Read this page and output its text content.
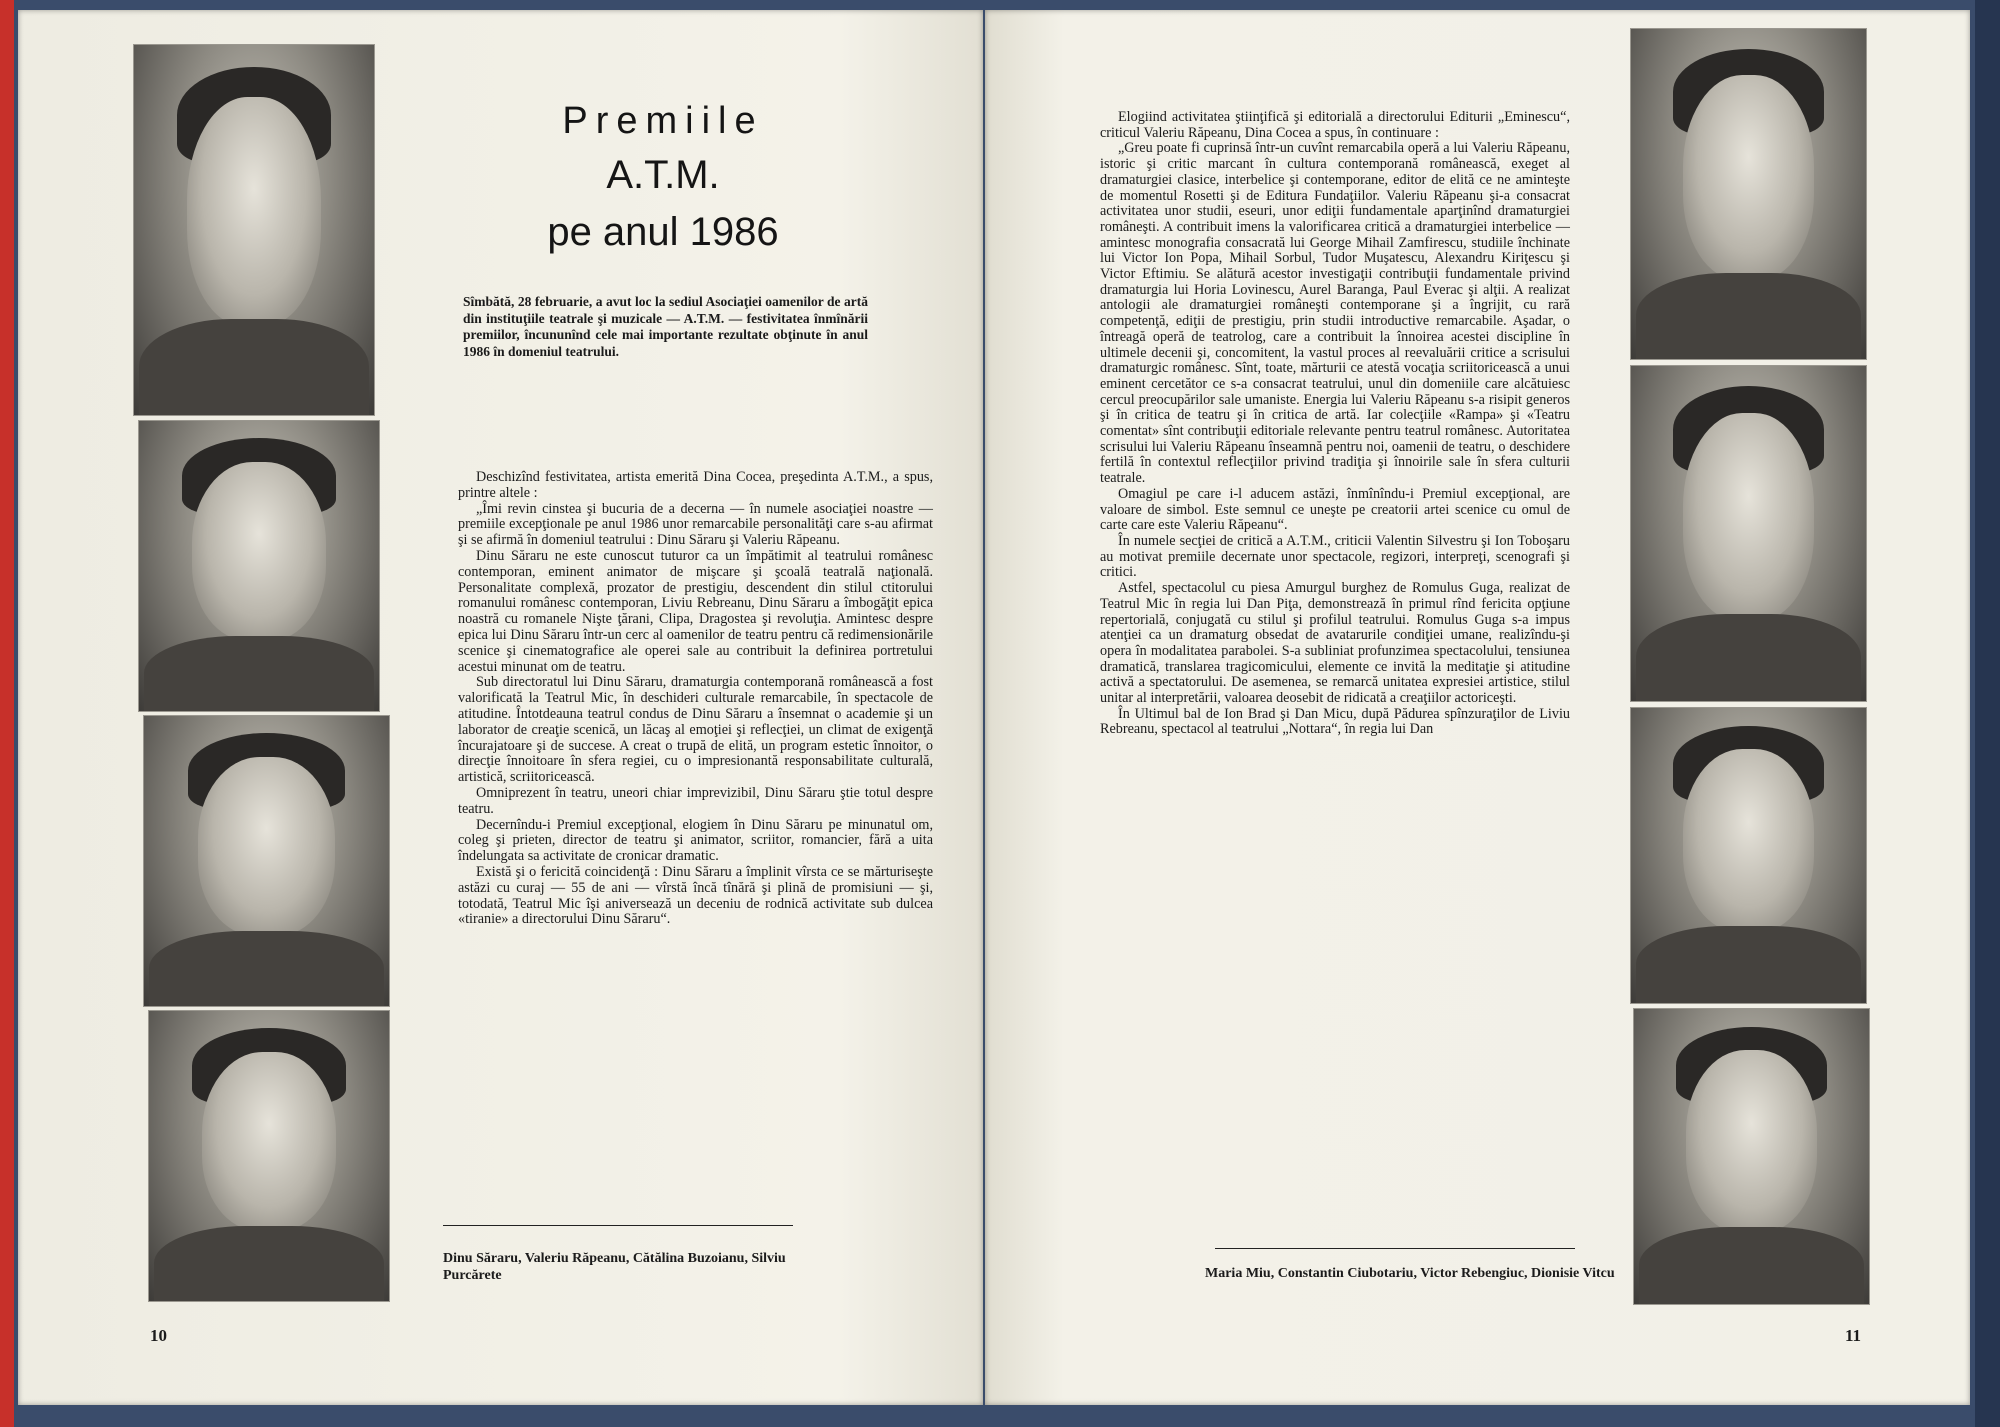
Premiile
A.T.M.
pe anul 1986
Sîmbătă, 28 februarie, a avut loc la sediul Asociaţiei oamenilor de artă din instituţiile teatrale şi muzicale — A.T.M. — festivitatea înmînării premiilor, încununînd cele mai importante rezultate obţinute în anul 1986 în domeniul teatrului.

Deschizînd festivitatea, artista emerită Dina Cocea, preşedinta A.T.M., a spus, printre altele :

„Îmi revin cinstea şi bucuria de a decerna — în numele asociaţiei noastre — premiile excepţionale pe anul 1986 unor remarcabile personalităţi care s-au afirmat şi se afirmă în domeniul teatrului : Dinu Săraru şi Valeriu Răpeanu.

Dinu Săraru ne este cunoscut tuturor ca un împătimit al teatrului românesc contemporan, eminent animator de mişcare şi şcoală teatrală naţională. Personalitate complexă, prozator de prestigiu, descendent din stilul ctitorului romanului românesc contemporan, Liviu Rebreanu, Dinu Săraru a îmbogăţit epica noastră cu romanele Nişte ţărani, Clipa, Dragostea şi revoluţia. Amintesc despre epica lui Dinu Săraru într-un cerc al oamenilor de teatru pentru că redimensionările scenice şi cinematografice ale operei sale au contribuit la definirea portretului acestui minunat om de teatru.

Sub directoratul lui Dinu Săraru, dramaturgia contemporană românească a fost valorificată la Teatrul Mic, în deschideri culturale remarcabile, în spectacole de atitudine. Întotdeauna teatrul condus de Dinu Săraru a însemnat o academie şi un laborator de creaţie scenică, un lăcaş al emoţiei şi reflecţiei, un climat de exigenţă încurajatoare şi de succese. A creat o trupă de elită, un program estetic înnoitor, o direcţie înnoitoare în sfera regiei, cu o impresionantă responsabilitate culturală, artistică, scriitoricească.

Omniprezent în teatru, uneori chiar imprevizibil, Dinu Săraru ştie totul despre teatru.

Decernîndu-i Premiul excepţional, elogiem în Dinu Săraru pe minunatul om, coleg şi prieten, director de teatru şi animator, scriitor, romancier, fără a uita îndelungata sa activitate de cronicar dramatic.

Există şi o fericită coincidenţă : Dinu Săraru a împlinit vîrsta ce se mărturiseşte astăzi cu curaj — 55 de ani — vîrstă încă tînără şi plină de promisiuni — şi, totodată, Teatrul Mic îşi aniversează un deceniu de rodnică activitate sub dulcea «tiranie» a directorului Dinu Săraru“.

Dinu Săraru, Valeriu Răpeanu, Cătălina Buzoianu, Silviu Purcărete
10

Elogiind activitatea ştiinţifică şi editorială a directorului Editurii „Eminescu“, criticul Valeriu Răpeanu, Dina Cocea a spus, în continuare :

„Greu poate fi cuprinsă într-un cuvînt remarcabila operă a lui Valeriu Răpeanu, istoric şi critic marcant în cultura contemporană românească, exeget al dramaturgiei clasice, interbelice şi contemporane, editor de elită ce ne aminteşte de momentul Rosetti şi de Editura Fundaţiilor. Valeriu Răpeanu şi-a consacrat activitatea unor studii, eseuri, unor ediţii fundamentale aparţinînd dramaturgiei româneşti. A contribuit imens la valorificarea critică a dramaturgiei interbelice — amintesc monografia consacrată lui George Mihail Zamfirescu, studiile închinate lui Victor Ion Popa, Mihail Sorbul, Tudor Muşatescu, Alexandru Kiriţescu şi Victor Eftimiu. Se alătură acestor investigaţii contribuţii fundamentale privind dramaturgia lui Horia Lovinescu, Aurel Baranga, Paul Everac şi alţii. A realizat antologii ale dramaturgiei româneşti contemporane şi a îngrijit, cu rară competenţă, ediţii de prestigiu, prin studii introductive remarcabile. Aşadar, o întreagă operă de teatrolog, care a contribuit la înnoirea acestei discipline în ultimele decenii şi, concomitent, la vastul proces al reevaluării critice a scrisului dramaturgic românesc. Sînt, toate, mărturii ce atestă vocaţia scriitoricească a unui eminent cercetător ce s-a consacrat teatrului, unul din domeniile care alcătuiesc cercul preocupărilor sale umaniste. Energia lui Valeriu Răpeanu s-a risipit generos şi în critica de teatru şi în critica de artă. Iar colecţiile «Rampa» şi «Teatru comentat» sînt contribuţii editoriale relevante pentru teatrul românesc. Autoritatea scrisului lui Valeriu Răpeanu înseamnă pentru noi, oamenii de teatru, o deschidere fertilă în contextul reflecţiilor privind tradiţia şi înnoirile sale în sfera culturii teatrale.

Omagiul pe care i-l aducem astăzi, înmînîndu-i Premiul excepţional, are valoare de simbol. Este semnul ce uneşte pe creatorii artei scenice cu omul de carte care este Valeriu Răpeanu“.

În numele secţiei de critică a A.T.M., criticii Valentin Silvestru şi Ion Toboşaru au motivat premiile decernate unor spectacole, regizori, interpreţi, scenografi şi critici.

Astfel, spectacolul cu piesa Amurgul burghez de Romulus Guga, realizat de Teatrul Mic în regia lui Dan Piţa, demonstrează în primul rînd fericita opţiune repertorială, conjugată cu stilul şi profilul teatrului. Romulus Guga s-a impus atenţiei ca un dramaturg obsedat de avatarurile condiţiei umane, realizîndu-şi opera în modalitatea parabolei. S-a subliniat profunzimea spectacolului, tensiunea dramatică, translarea tragicomicului, elemente ce invită la meditaţie şi atitudine activă a spectatorului. De asemenea, se remarcă unitatea expresiei artistice, stilul unitar al interpretării, valoarea deosebit de ridicată a creaţiilor actoriceşti.

În Ultimul bal de Ion Brad şi Dan Micu, după Pădurea spînzuraţilor de Liviu Rebreanu, spectacol al teatrului „Nottara“, în regia lui Dan

Maria Miu, Constantin Ciubotariu, Victor Rebengiuc, Dionisie Vitcu
11
